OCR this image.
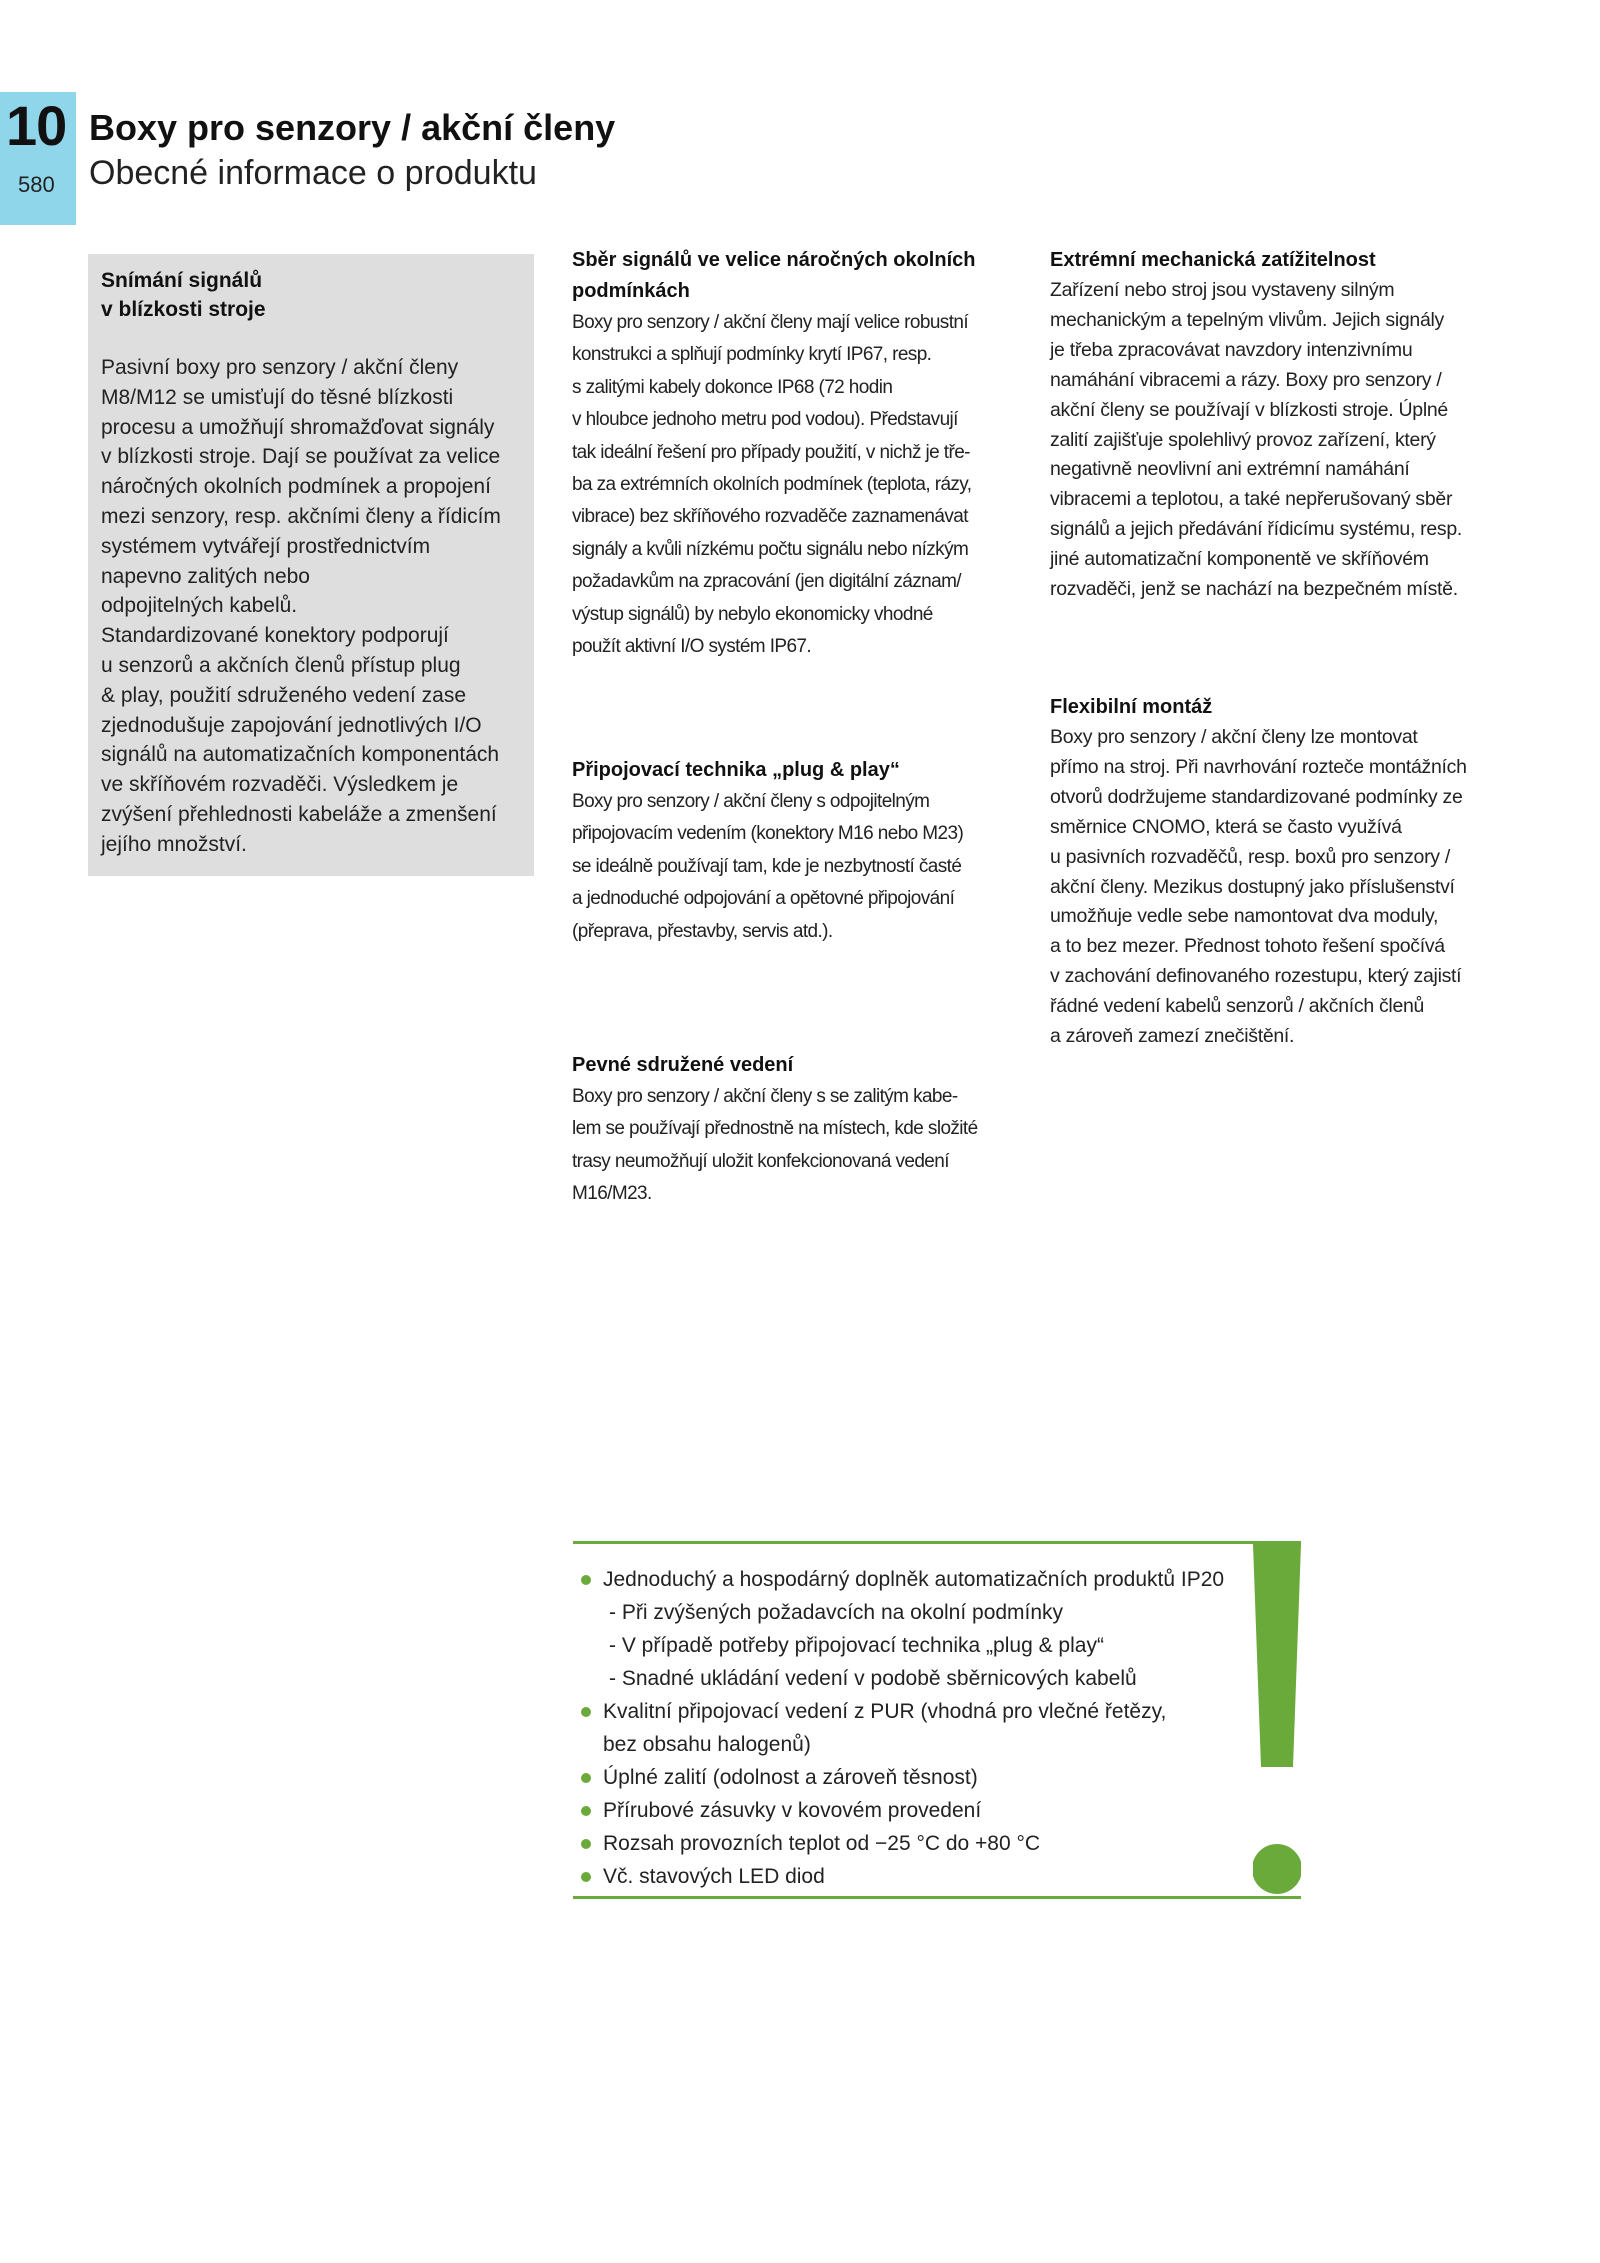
10
580
Boxy pro senzory / akční členy
Obecné informace o produktu
Snímání signálů
v blízkosti stroje
Pasivní boxy pro senzory / akční členy
M8/M12 se umisťují do těsné blízkosti
procesu a umožňují shromažďovat signály
v blízkosti stroje. Dají se používat za velice
náročných okolních podmínek a propojení
mezi senzory, resp. akčními členy a řídicím
systémem vytvářejí prostřednictvím
napevno zalitých nebo
odpojitelných kabelů.
Standardizované konektory podporují
u senzorů a akčních členů přístup plug
& play, použití sdruženého vedení zase
zjednodušuje zapojování jednotlivých I/O
signálů na automatizačních komponentách
ve skříňovém rozvaděči. Výsledkem je
zvýšení přehlednosti kabeláže a zmenšení
jejího množství.
Sběr signálů ve velice náročných okolních
podmínkách
Boxy pro senzory / akční členy mají velice robustní
konstrukci a splňují podmínky krytí IP67, resp.
s zalitými kabely dokonce IP68 (72 hodin
v hloubce jednoho metru pod vodou). Představují
tak ideální řešení pro případy použití, v nichž je tře-
ba za extrémních okolních podmínek (teplota, rázy,
vibrace) bez skříňového rozvaděče zaznamenávat
signály a kvůli nízkému počtu signálu nebo nízkým
požadavkům na zpracování (jen digitální záznam/
výstup signálů) by nebylo ekonomicky vhodné
použít aktivní I/O systém IP67.
Připojovací technika „plug & play“
Boxy pro senzory / akční členy s odpojitelným
připojovacím vedením (konektory M16 nebo M23)
se ideálně používají tam, kde je nezbytností časté
a jednoduché odpojování a opětovné připojování
(přeprava, přestavby, servis atd.).
Pevné sdružené vedení
Boxy pro senzory / akční členy s se zalitým kabe-
lem se používají přednostně na místech, kde složité
trasy neumožňují uložit konfekcionovaná vedení
M16/M23.
Extrémní mechanická zatížitelnost
Zařízení nebo stroj jsou vystaveny silným
mechanickým a tepelným vlivům. Jejich signály
je třeba zpracovávat navzdory intenzivnímu
namáhání vibracemi a rázy. Boxy pro senzory /
akční členy se používají v blízkosti stroje. Úplné
zalití zajišťuje spolehlivý provoz zařízení, který
negativně neovlivní ani extrémní namáhání
vibracemi a teplotou, a také nepřerušovaný sběr
signálů a jejich předávání řídicímu systému, resp.
jiné automatizační komponentě ve skříňovém
rozvaděči, jenž se nachází na bezpečném místě.
Flexibilní montáž
Boxy pro senzory / akční členy lze montovat
přímo na stroj. Při navrhování rozteče montážních
otvorů dodržujeme standardizované podmínky ze
směrnice CNOMO, která se často využívá
u pasivních rozvaděčů, resp. boxů pro senzory /
akční členy. Mezikus dostupný jako příslušenství
umožňuje vedle sebe namontovat dva moduly,
a to bez mezer. Přednost tohoto řešení spočívá
v zachování definovaného rozestupu, který zajistí
řádné vedení kabelů senzorů / akčních členů
a zároveň zamezí znečištění.
Jednoduchý a hospodárný doplněk automatizačních produktů IP20
- Při zvýšených požadavcích na okolní podmínky
- V případě potřeby připojovací technika „plug & play“
- Snadné ukládání vedení v podobě sběrnicových kabelů
Kvalitní připojovací vedení z PUR (vhodná pro vlečné řetězy,
bez obsahu halogenů)
Úplné zalití (odolnost a zároveň těsnost)
Přírubové zásuvky v kovovém provedení
Rozsah provozních teplot od −25 °C do +80 °C
Vč. stavových LED diod
